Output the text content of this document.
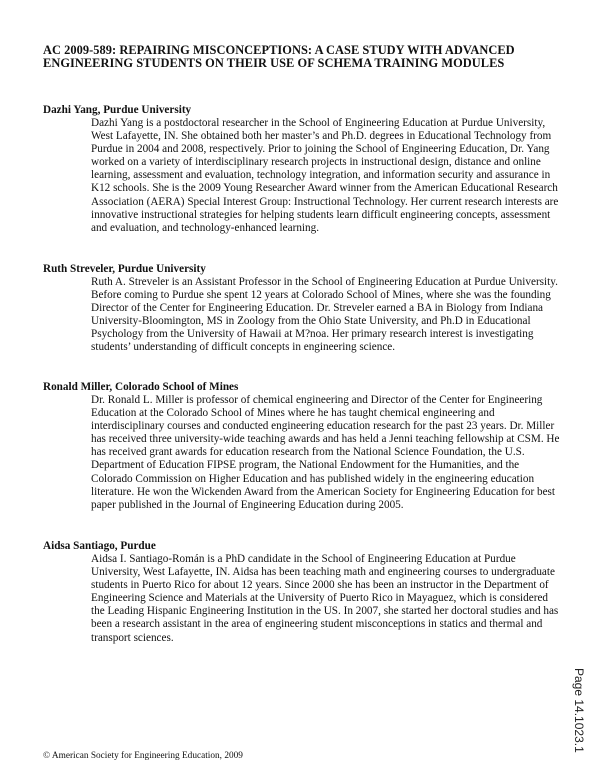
AC 2009-589: REPAIRING MISCONCEPTIONS: A CASE STUDY WITH ADVANCED ENGINEERING STUDENTS ON THEIR USE OF SCHEMA TRAINING MODULES
Dazhi Yang, Purdue University
Dazhi Yang is a postdoctoral researcher in the School of Engineering Education at Purdue University, West Lafayette, IN. She obtained both her master’s and Ph.D. degrees in Educational Technology from Purdue in 2004 and 2008, respectively. Prior to joining the School of Engineering Education, Dr. Yang worked on a variety of interdisciplinary research projects in instructional design, distance and online learning, assessment and evaluation, technology integration, and information security and assurance in K12 schools. She is the 2009 Young Researcher Award winner from the American Educational Research Association (AERA) Special Interest Group: Instructional Technology. Her current research interests are innovative instructional strategies for helping students learn difficult engineering concepts, assessment and evaluation, and technology-enhanced learning.
Ruth Streveler, Purdue University
Ruth A. Streveler is an Assistant Professor in the School of Engineering Education at Purdue University. Before coming to Purdue she spent 12 years at Colorado School of Mines, where she was the founding Director of the Center for Engineering Education. Dr. Streveler earned a BA in Biology from Indiana University-Bloomington, MS in Zoology from the Ohio State University, and Ph.D in Educational Psychology from the University of Hawaii at M?noa. Her primary research interest is investigating students’ understanding of difficult concepts in engineering science.
Ronald Miller, Colorado School of Mines
Dr. Ronald L. Miller is professor of chemical engineering and Director of the Center for Engineering Education at the Colorado School of Mines where he has taught chemical engineering and interdisciplinary courses and conducted engineering education research for the past 23 years. Dr. Miller has received three university-wide teaching awards and has held a Jenni teaching fellowship at CSM. He has received grant awards for education research from the National Science Foundation, the U.S. Department of Education FIPSE program, the National Endowment for the Humanities, and the Colorado Commission on Higher Education and has published widely in the engineering education literature. He won the Wickenden Award from the American Society for Engineering Education for best paper published in the Journal of Engineering Education during 2005.
Aidsa Santiago, Purdue
Aidsa I. Santiago-Román is a PhD candidate in the School of Engineering Education at Purdue University, West Lafayette, IN. Aidsa has been teaching math and engineering courses to undergraduate students in Puerto Rico for about 12 years. Since 2000 she has been an instructor in the Department of Engineering Science and Materials at the University of Puerto Rico in Mayaguez, which is considered the Leading Hispanic Engineering Institution in the US. In 2007, she started her doctoral studies and has been a research assistant in the area of engineering student misconceptions in statics and thermal and transport sciences.
Page 14.1023.1
© American Society for Engineering Education, 2009
